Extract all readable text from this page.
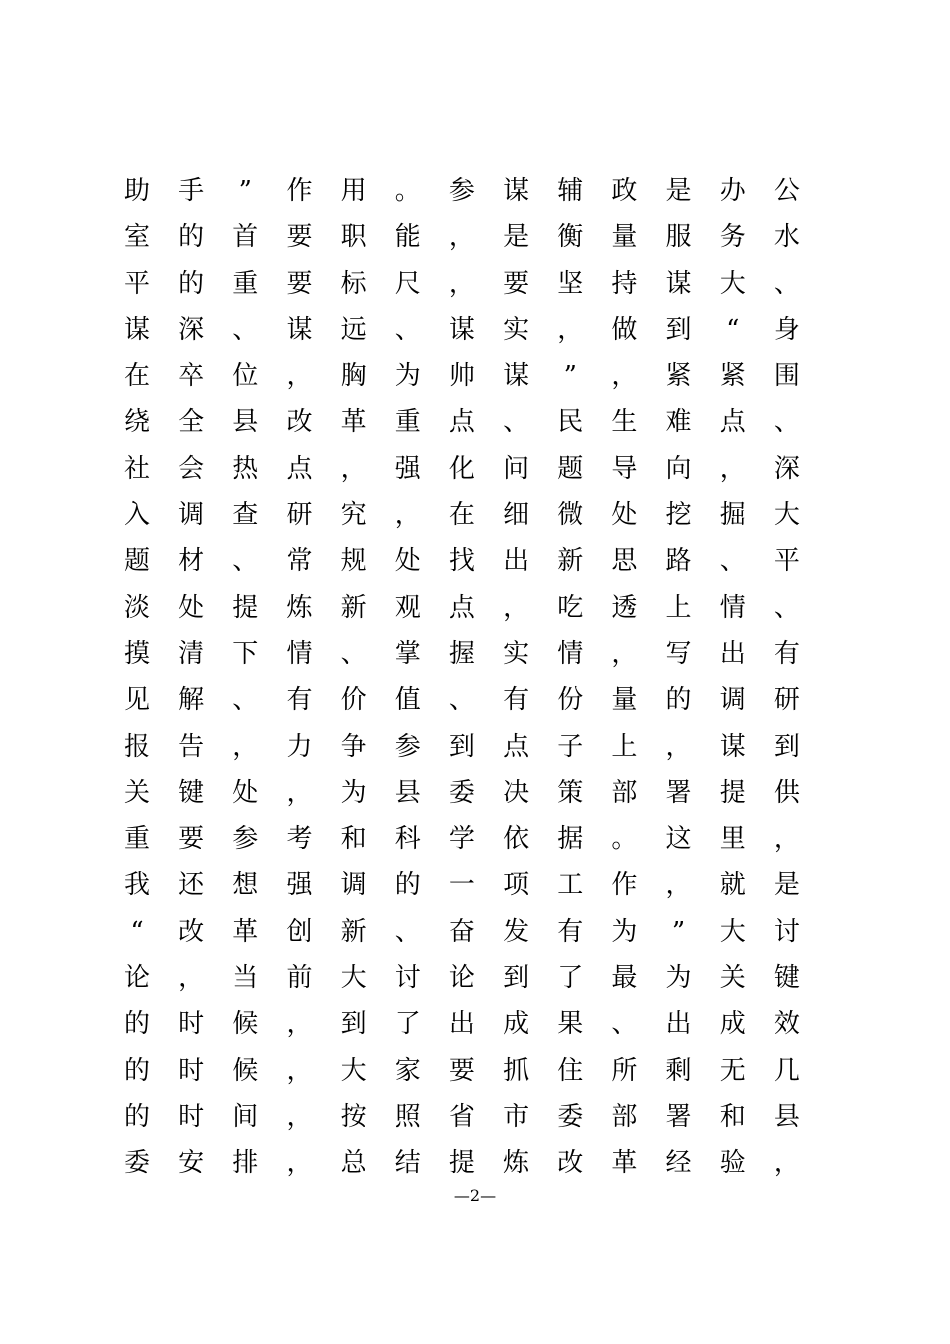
助	手	”	作	用	。	参	谋	辅	政	是	办	公
室	的	首	要	职	能	，	是	衡	量	服	务	水
平	的	重	要	标	尺	，	要	坚	持	谋	大	、
谋	深	、	谋	远	、	谋	实	，	做	到	“	身
在	卒	位	，	胸	为	帅	谋	”	，	紧	紧	围
绕	全	县	改	革	重	点	、	民	生	难	点	、
社	会	热	点	，	强	化	问	题	导	向	，	深
入	调	查	研	究	，	在	细	微	处	挖	掘	大
题	材	、	常	规	处	找	出	新	思	路	、	平
淡	处	提	炼	新	观	点	，	吃	透	上	情	、
摸	清	下	情	、	掌	握	实	情	，	写	出	有
见	解	、	有	价	值	、	有	份	量	的	调	研
报	告	，	力	争	参	到	点	子	上	，	谋	到
关	键	处	，	为	县	委	决	策	部	署	提	供
重	要	参	考	和	科	学	依	据	。	这	里	，
我	还	想	强	调	的	一	项	工	作	，	就	是
“	改	革	创	新	、	奋	发	有	为	”	大	讨
论	，	当	前	大	讨	论	到	了	最	为	关	键
的	时	候	，	到	了	出	成	果	、	出	成	效
的	时	候	，	大	家	要	抓	住	所	剩	无	几
的	时	间	，	按	照	省	市	委	部	署	和	县
委	安	排	，	总	结	提	炼	改	革	经	验	，
—2—
